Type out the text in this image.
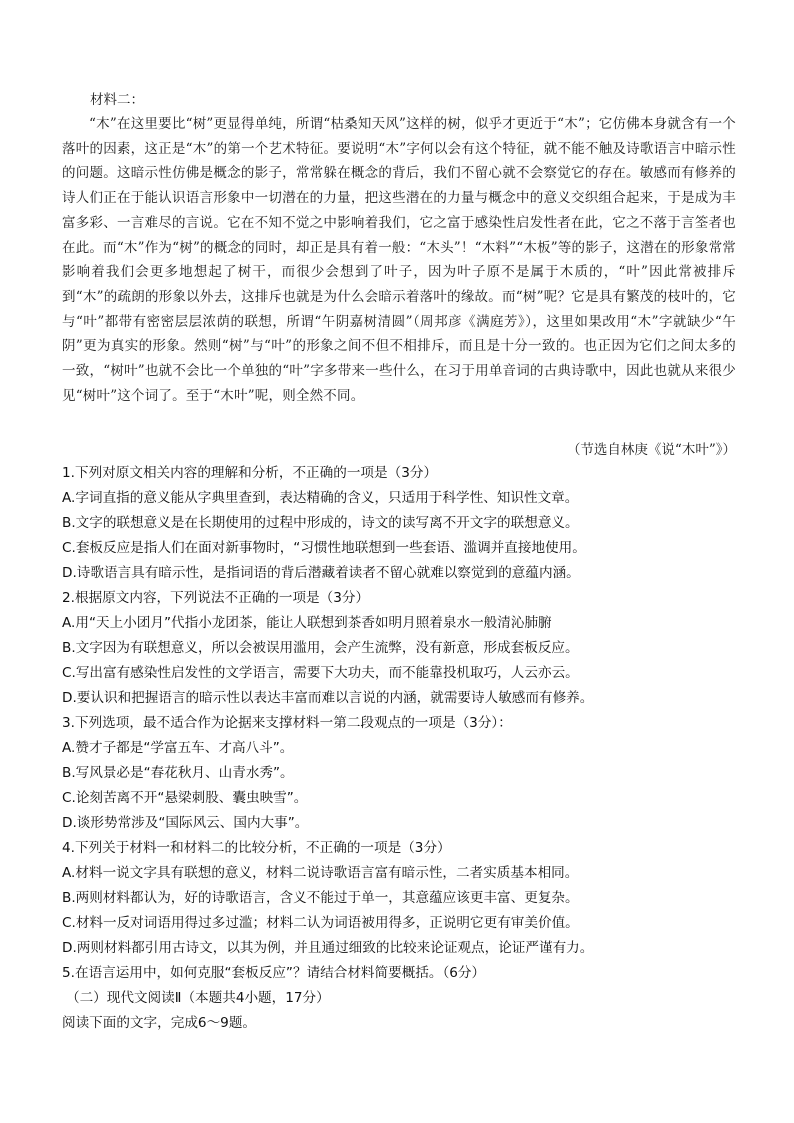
材料二：
“木”在这里要比“树”更显得单纯，所谓“枯桑知天风”这样的树，似乎才更近于“木”；它仿佛本身就含有一个落叶的因素，这正是“木”的第一个艺术特征。要说明“木”字何以会有这个特征，就不能不触及诗歌语言中暗示性的问题。这暗示性仿佛是概念的影子，常常躲在概念的背后，我们不留心就不会察觉它的存在。敏感而有修养的诗人们正在于能认识语言形象中一切潜在的力量，把这些潜在的力量与概念中的意义交织组合起来，于是成为丰富多彩、一言难尽的言说。它在不知不觉之中影响着我们，它之富于感染性启发性者在此，它之不落于言筌者也在此。而“木”作为“树”的概念的同时，却正是具有着一般：“木头”！“木料”“木板”等的影子，这潜在的形象常常影响着我们会更多地想起了树干，而很少会想到了叶子，因为叶子原不是属于木质的，“叶”因此常被排斥到“木”的疏朗的形象以外去，这排斥也就是为什么会暗示着落叶的缘故。而“树”呢？它是具有繁茂的枝叶的，它与“叶”都带有密密层层浓荫的联想，所谓“午阴嘉树清圆”（周邦彦《满庭芳》），这里如果改用“木”字就缺少“午阴”更为真实的形象。然则“树”与“叶”的形象之间不但不相排斥，而且是十分一致的。也正因为它们之间太多的一致，“树叶”也就不会比一个单独的“叶”字多带来一些什么，在习于用单音词的古典诗歌中，因此也就从来很少见“树叶”这个词了。至于“木叶”呢，则全然不同。
（节选自林庚《说“木叶”》）
1.下列对原文相关内容的理解和分析，不正确的一项是（3分）
A.字词直指的意义能从字典里查到，表达精确的含义，只适用于科学性、知识性文章。
B.文字的联想意义是在长期使用的过程中形成的，诗文的读写离不开文字的联想意义。
C.套板反应是指人们在面对新事物时，“习惯性地联想到一些套语、滥调并直接地使用。
D.诗歌语言具有暗示性，是指词语的背后潜藏着读者不留心就难以察觉到的意蕴内涵。
2.根据原文内容，下列说法不正确的一项是（3分）
A.用“天上小团月”代指小龙团茶，能让人联想到茶香如明月照着泉水一般清沁肺腑
B.文字因为有联想意义，所以会被误用滥用，会产生流弊，没有新意，形成套板反应。
C.写出富有感染性启发性的文学语言，需要下大功夫，而不能靠投机取巧，人云亦云。
D.要认识和把握语言的暗示性以表达丰富而难以言说的内涵，就需要诗人敏感而有修养。
3.下列选项，最不适合作为论据来支撑材料一第二段观点的一项是（3分）：
A.赞才子都是“学富五车、才高八斗”。
B.写风景必是“春花秋月、山青水秀”。
C.论刻苦离不开“悬梁刺股、囊虫映雪”。
D.谈形势常涉及“国际风云、国内大事”。
4.下列关于材料一和材料二的比较分析，不正确的一项是（3分）
A.材料一说文字具有联想的意义，材料二说诗歌语言富有暗示性，二者实质基本相同。
B.两则材料都认为，好的诗歌语言，含义不能过于单一，其意蕴应该更丰富、更复杂。
C.材料一反对词语用得过多过滥；材料二认为词语被用得多，正说明它更有审美价值。
D.两则材料都引用古诗文，以其为例，并且通过细致的比较来论证观点，论证严谨有力。
5.在语言运用中，如何克服“套板反应”？请结合材料简要概括。（6分）
（二）现代文阅读Ⅱ（本题共4小题，17分）
阅读下面的文字，完成6～9题。
